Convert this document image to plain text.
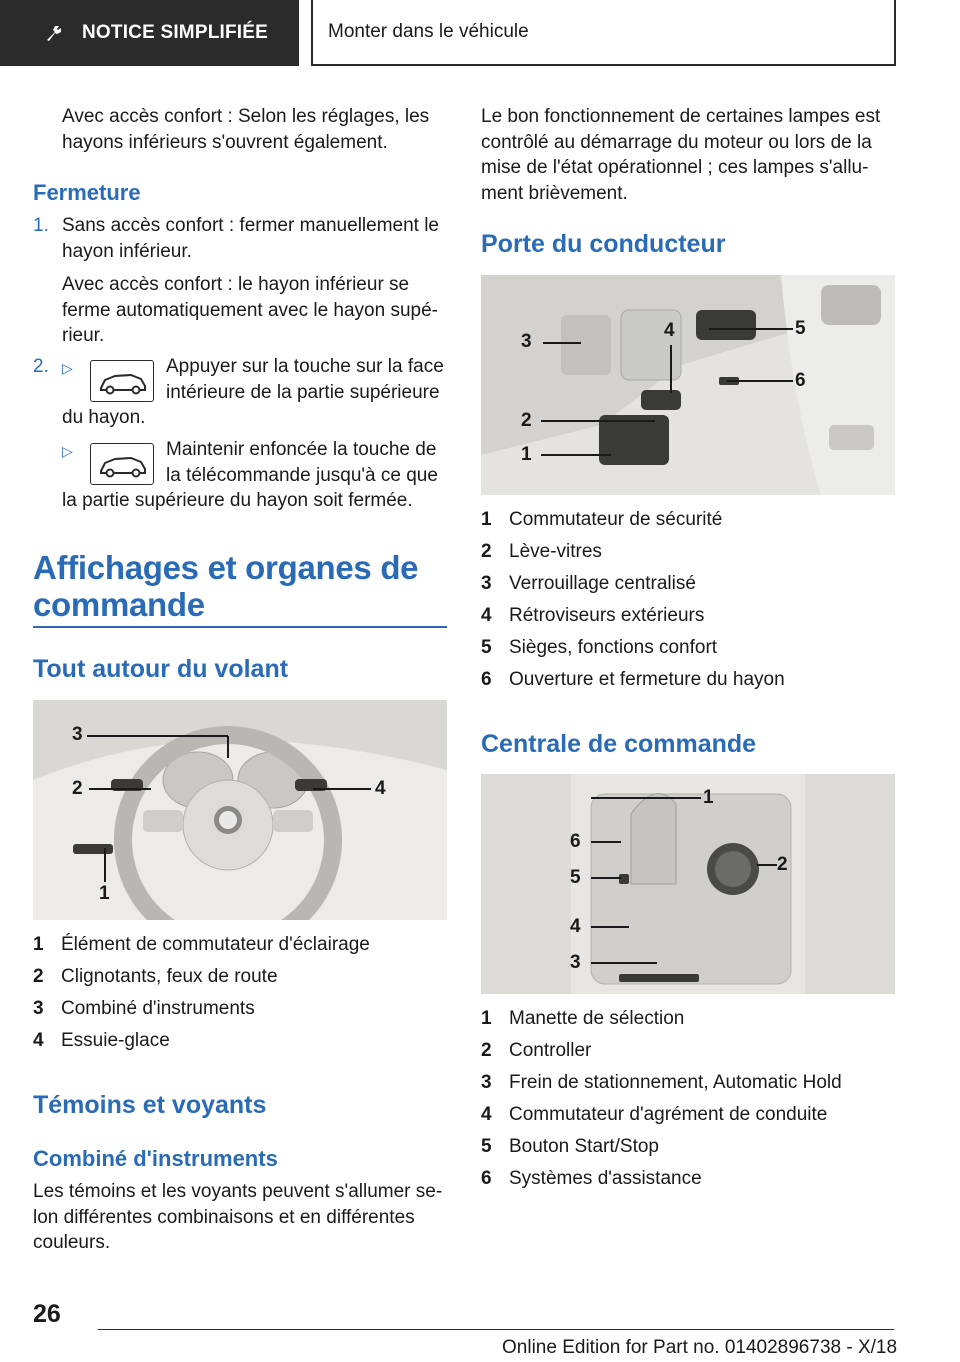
NOTICE SIMPLIFIÉE	Monter dans le véhicule
Avec accès confort : Selon les réglages, les
hayons inférieurs s'ouvrent également.
Fermeture
1. Sans accès confort : fermer manuellement le
hayon inférieur.
Avec accès confort : le hayon inférieur se
ferme automatiquement avec le hayon supé-
rieur.
2. ▷	Appuyer sur la touche sur la face
intérieure de la partie supérieure
du hayon.
▷	Maintenir enfoncée la touche de
la télécommande jusqu'à ce que
la partie supérieure du hayon soit fermée.
Affichages et organes de
commande
Tout autour du volant
3
2	4
1
1 Élément de commutateur d'éclairage
2 Clignotants, feux de route
3 Combiné d'instruments
4 Essuie-glace
Témoins et voyants
Combiné d'instruments
Les témoins et les voyants peuvent s'allumer se-
lon différentes combinaisons et en différentes
couleurs.
Le bon fonctionnement de certaines lampes est
contrôlé au démarrage du moteur ou lors de la
mise de l'état opérationnel ; ces lampes s'allu-
ment brièvement.
Porte du conducteur
3
4	5
6
2
1
1 Commutateur de sécurité
2 Lève-vitres
3 Verrouillage centralisé
4 Rétroviseurs extérieurs
5 Sièges, fonctions confort
6 Ouverture et fermeture du hayon
Centrale de commande
1
2
6
5
4
3
1 Manette de sélection
2 Controller
3 Frein de stationnement, Automatic Hold
4 Commutateur d'agrément de conduite
5 Bouton Start/Stop
6 Systèmes d'assistance
26
Online Edition for Part no. 01402896738 - X/18
